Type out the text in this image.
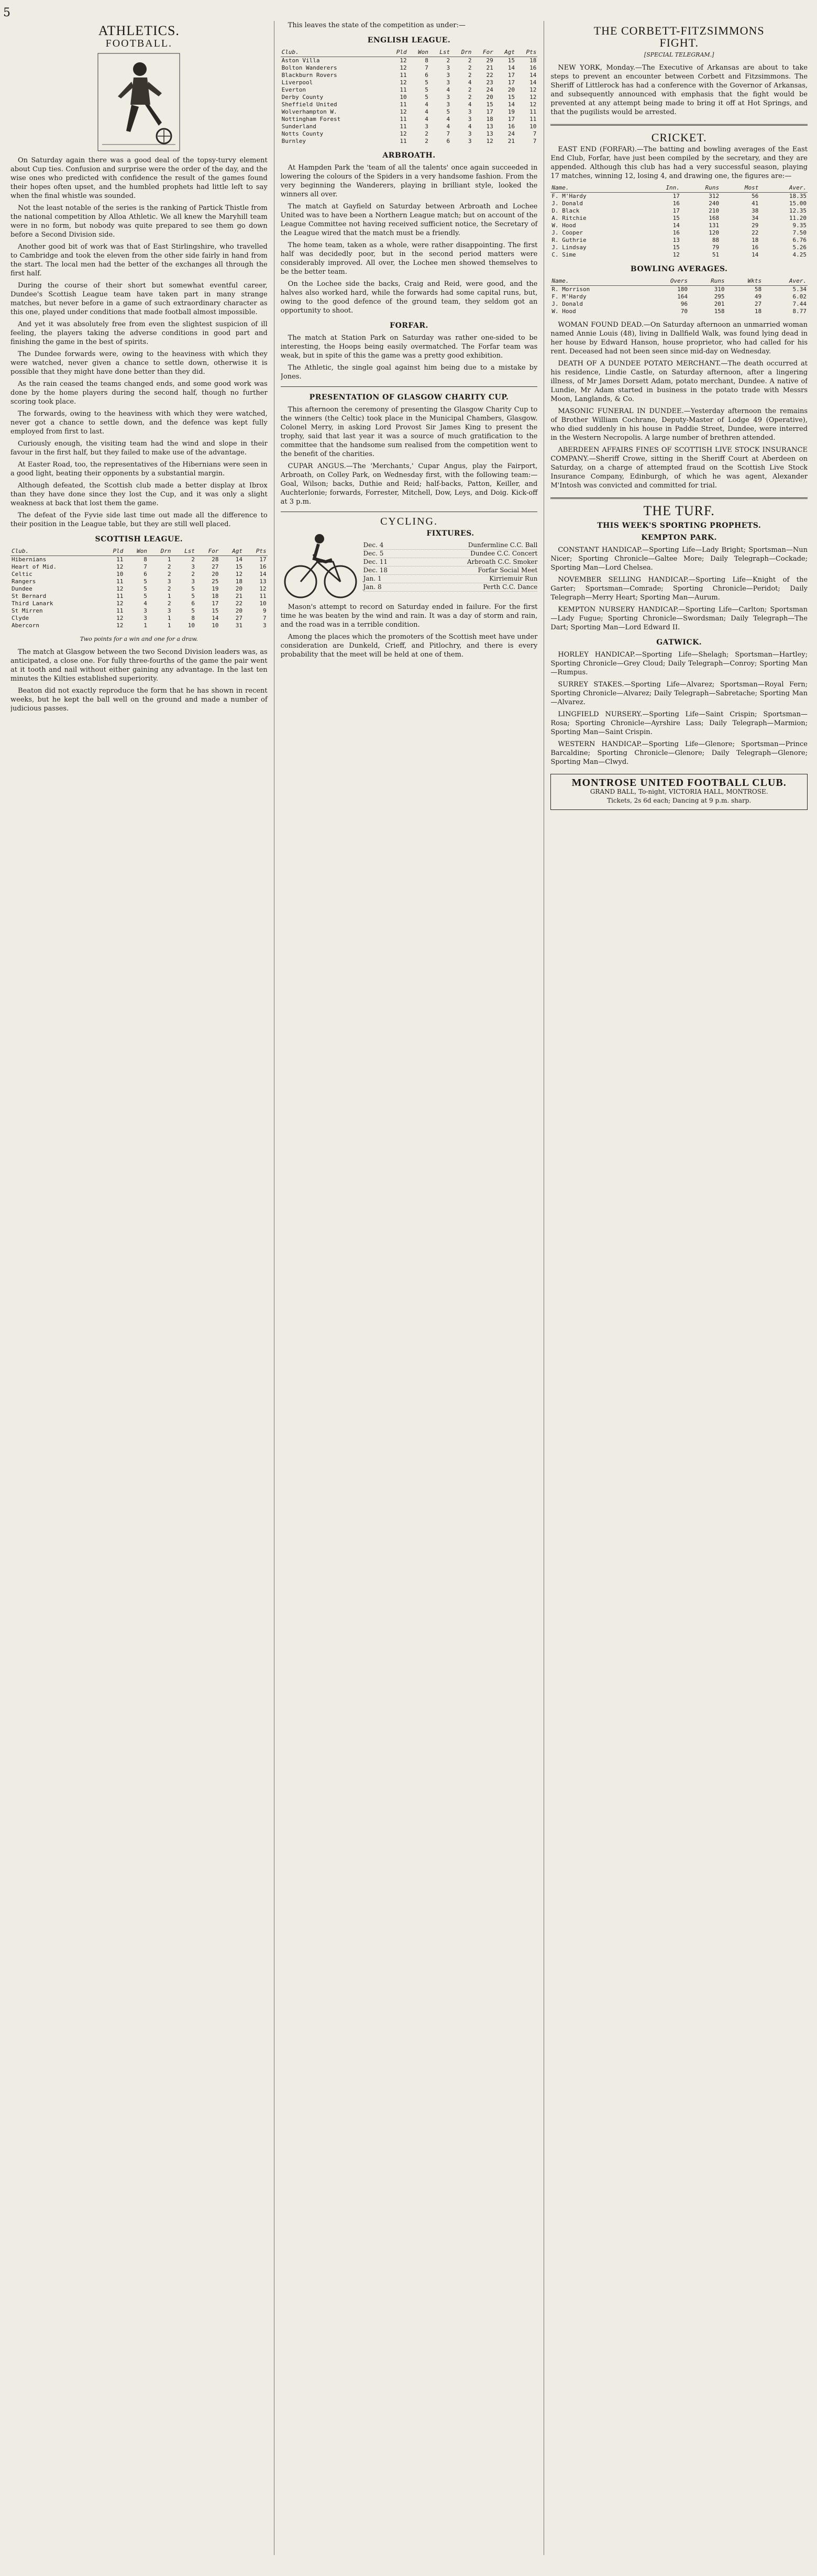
5
ATHLETICS.
FOOTBALL.

On Saturday again there was a good deal of the topsy-turvy element about Cup ties. Confusion and surprise were the order of the day, and the wise ones who predicted with confidence the result of the games found their hopes often upset, and the humbled prophets had little left to say when the final whistle was sounded.

Not the least notable of the series is the ranking of Partick Thistle from the national competition by Alloa Athletic. We all knew the Maryhill team were in no form, but nobody was quite prepared to see them go down before a Second Division side.

Another good bit of work was that of East Stirlingshire, who travelled to Cambridge and took the eleven from the other side fairly in hand from the start. The local men had the better of the exchanges all through the first half.

During the course of their short but somewhat eventful career, Dundee's Scottish League team have taken part in many strange matches, but never before in a game of such extraordinary character as this one, played under conditions that made football almost impossible.

And yet it was absolutely free from even the slightest suspicion of ill feeling, the players taking the adverse conditions in good part and finishing the game in the best of spirits.

The Dundee forwards were, owing to the heaviness with which they were watched, never given a chance to settle down, otherwise it is possible that they might have done better than they did.

As the rain ceased the teams changed ends, and some good work was done by the home players during the second half, though no further scoring took place.

The forwards, owing to the heaviness with which they were watched, never got a chance to settle down, and the defence was kept fully employed from first to last.

Curiously enough, the visiting team had the wind and slope in their favour in the first half, but they failed to make use of the advantage.

At Easter Road, too, the representatives of the Hibernians were seen in a good light, beating their opponents by a substantial margin.

Although defeated, the Scottish club made a better display at Ibrox than they have done since they lost the Cup, and it was only a slight weakness at back that lost them the game.

The defeat of the Fyvie side last time out made all the difference to their position in the League table, but they are still well placed.

SCOTTISH LEAGUE.
Club.	Pld	Won	Drn	Lst	For	Agt	Pts
Hibernians	11	8	1	2	28	14	17
Heart of Mid.	12	7	2	3	27	15	16
Celtic	10	6	2	2	20	12	14
Rangers	11	5	3	3	25	18	13
Dundee	12	5	2	5	19	20	12
St Bernard	11	5	1	5	18	21	11
Third Lanark	12	4	2	6	17	22	10
St Mirren	11	3	3	5	15	20	9
Clyde	12	3	1	8	14	27	7
Abercorn	12	1	1	10	10	31	3
Two points for a win and one for a draw.

The match at Glasgow between the two Second Division leaders was, as anticipated, a close one. For fully three-fourths of the game the pair went at it tooth and nail without either gaining any advantage. In the last ten minutes the Kilties established superiority.

Beaton did not exactly reproduce the form that he has shown in recent weeks, but he kept the ball well on the ground and made a number of judicious passes.

This leaves the state of the competition as under:—

ENGLISH LEAGUE.
Club.	Pld	Won	Lst	Drn	For	Agt	Pts
Aston Villa	12	8	2	2	29	15	18
Bolton Wanderers	12	7	3	2	21	14	16
Blackburn Rovers	11	6	3	2	22	17	14
Liverpool	12	5	3	4	23	17	14
Everton	11	5	4	2	24	20	12
Derby County	10	5	3	2	20	15	12
Sheffield United	11	4	3	4	15	14	12
Wolverhampton W.	12	4	5	3	17	19	11
Nottingham Forest	11	4	4	3	18	17	11
Sunderland	11	3	4	4	13	16	10
Notts County	12	2	7	3	13	24	7
Burnley	11	2	6	3	12	21	7
ARBROATH.

At Hampden Park the 'team of all the talents' once again succeeded in lowering the colours of the Spiders in a very handsome fashion. From the very beginning the Wanderers, playing in brilliant style, looked the winners all over.

The match at Gayfield on Saturday between Arbroath and Lochee United was to have been a Northern League match; but on account of the League Committee not having received sufficient notice, the Secretary of the League wired that the match must be a friendly.

The home team, taken as a whole, were rather disappointing. The first half was decidedly poor, but in the second period matters were considerably improved. All over, the Lochee men showed themselves to be the better team.

On the Lochee side the backs, Craig and Reid, were good, and the halves also worked hard, while the forwards had some capital runs, but, owing to the good defence of the ground team, they seldom got an opportunity to shoot.

FORFAR.

The match at Station Park on Saturday was rather one-sided to be interesting, the Hoops being easily overmatched. The Forfar team was weak, but in spite of this the game was a pretty good exhibition.

The Athletic, the single goal against him being due to a mistake by Jones.

PRESENTATION OF GLASGOW CHARITY CUP.

This afternoon the ceremony of presenting the Glasgow Charity Cup to the winners (the Celtic) took place in the Municipal Chambers, Glasgow. Colonel Merry, in asking Lord Provost Sir James King to present the trophy, said that last year it was a source of much gratification to the committee that the handsome sum realised from the competition went to the benefit of the charities.

CUPAR ANGUS.—The 'Merchants,' Cupar Angus, play the Fairport, Arbroath, on Colley Park, on Wednesday first, with the following team:— Goal, Wilson; backs, Duthie and Reid; half-backs, Patton, Keiller, and Auchterlonie; forwards, Forrester, Mitchell, Dow, Leys, and Doig. Kick-off at 3 p.m.

CYCLING.
FIXTURES.
Dec. 4	Dunfermline C.C. Ball
Dec. 5	Dundee C.C. Concert
Dec. 11	Arbroath C.C. Smoker
Dec. 18	Forfar Social Meet
Jan. 1	Kirriemuir Run
Jan. 8	Perth C.C. Dance

Mason's attempt to record on Saturday ended in failure. For the first time he was beaten by the wind and rain. It was a day of storm and rain, and the road was in a terrible condition.

Among the places which the promoters of the Scottish meet have under consideration are Dunkeld, Crieff, and Pitlochry, and there is every probability that the meet will be held at one of them.

THE CORBETT-FITZSIMMONS
FIGHT.
[SPECIAL TELEGRAM.]

NEW YORK, Monday.—The Executive of Arkansas are about to take steps to prevent an encounter between Corbett and Fitzsimmons. The Sheriff of Littlerock has had a conference with the Governor of Arkansas, and subsequently announced with emphasis that the fight would be prevented at any attempt being made to bring it off at Hot Springs, and that the pugilists would be arrested.

CRICKET.

EAST END (FORFAR).—The batting and bowling averages of the East End Club, Forfar, have just been compiled by the secretary, and they are appended. Although this club has had a very successful season, playing 17 matches, winning 12, losing 4, and drawing one, the figures are:—

Name.	Inn.	Runs	Most	Aver.
F. M'Hardy	17	312	56	18.35
J. Donald	16	240	41	15.00
D. Black	17	210	38	12.35
A. Ritchie	15	168	34	11.20
W. Hood	14	131	29	9.35
J. Cooper	16	120	22	7.50
R. Guthrie	13	88	18	6.76
J. Lindsay	15	79	16	5.26
C. Sime	12	51	14	4.25
BOWLING AVERAGES.
Name.	Overs	Runs	Wkts	Aver.
R. Morrison	180	310	58	5.34
F. M'Hardy	164	295	49	6.02
J. Donald	96	201	27	7.44
W. Hood	70	158	18	8.77

WOMAN FOUND DEAD.—On Saturday afternoon an unmarried woman named Annie Louis (48), living in Dallfield Walk, was found lying dead in her house by Edward Hanson, house proprietor, who had called for his rent. Deceased had not been seen since mid-day on Wednesday.

DEATH OF A DUNDEE POTATO MERCHANT.—The death occurred at his residence, Lindie Castle, on Saturday afternoon, after a lingering illness, of Mr James Dorsett Adam, potato merchant, Dundee. A native of Lundie, Mr Adam started in business in the potato trade with Messrs Moon, Langlands, & Co.

MASONIC FUNERAL IN DUNDEE.—Yesterday afternoon the remains of Brother William Cochrane, Deputy-Master of Lodge 49 (Operative), who died suddenly in his house in Paddie Street, Dundee, were interred in the Western Necropolis. A large number of brethren attended.

ABERDEEN AFFAIRS FINES OF SCOTTISH LIVE STOCK INSURANCE COMPANY.—Sheriff Crowe, sitting in the Sheriff Court at Aberdeen on Saturday, on a charge of attempted fraud on the Scottish Live Stock Insurance Company, Edinburgh, of which he was agent, Alexander M'Intosh was convicted and committed for trial.

THE TURF.
THIS WEEK'S SPORTING PROPHETS.
KEMPTON PARK.

CONSTANT HANDICAP.—Sporting Life—Lady Bright; Sportsman—Nun Nicer; Sporting Chronicle—Galtee More; Daily Telegraph—Cockade; Sporting Man—Lord Chelsea.

NOVEMBER SELLING HANDICAP.—Sporting Life—Knight of the Garter; Sportsman—Comrade; Sporting Chronicle—Peridot; Daily Telegraph—Merry Heart; Sporting Man—Aurum.

KEMPTON NURSERY HANDICAP.—Sporting Life—Carlton; Sportsman—Lady Fugue; Sporting Chronicle—Swordsman; Daily Telegraph—The Dart; Sporting Man—Lord Edward II.

GATWICK.

HORLEY HANDICAP.—Sporting Life—Shelagh; Sportsman—Hartley; Sporting Chronicle—Grey Cloud; Daily Telegraph—Conroy; Sporting Man—Rumpus.

SURREY STAKES.—Sporting Life—Alvarez; Sportsman—Royal Fern; Sporting Chronicle—Alvarez; Daily Telegraph—Sabretache; Sporting Man—Alvarez.

LINGFIELD NURSERY.—Sporting Life—Saint Crispin; Sportsman—Rosa; Sporting Chronicle—Ayrshire Lass; Daily Telegraph—Marmion; Sporting Man—Saint Crispin.

WESTERN HANDICAP.—Sporting Life—Glenore; Sportsman—Prince Barcaldine; Sporting Chronicle—Glenore; Daily Telegraph—Glenore; Sporting Man—Clwyd.

MONTROSE UNITED FOOTBALL CLUB.
GRAND BALL, To-night, VICTORIA HALL, MONTROSE.
Tickets, 2s 6d each; Dancing at 9 p.m. sharp.
